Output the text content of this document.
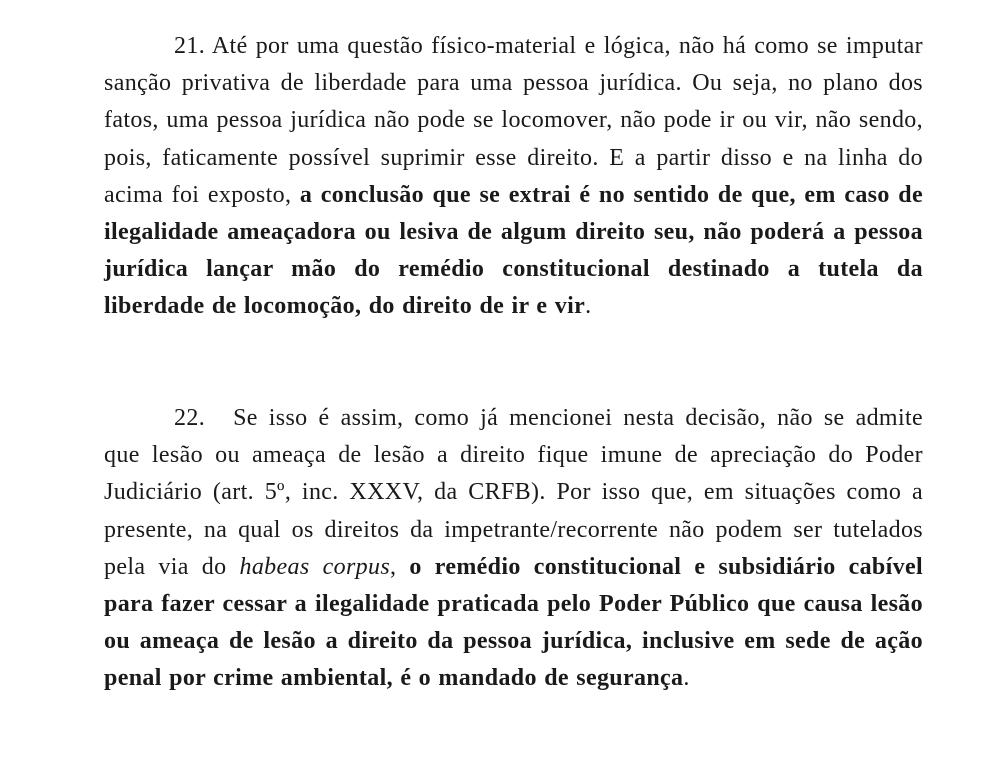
21. Até por uma questão físico-material e lógica, não há como se imputar sanção privativa de liberdade para uma pessoa jurídica. Ou seja, no plano dos fatos, uma pessoa jurídica não pode se locomover, não pode ir ou vir, não sendo, pois, faticamente possível suprimir esse direito. E a partir disso e na linha do acima foi exposto, a conclusão que se extrai é no sentido de que, em caso de ilegalidade ameaçadora ou lesiva de algum direito seu, não poderá a pessoa jurídica lançar mão do remédio constitucional destinado a tutela da liberdade de locomoção, do direito de ir e vir.

22. Se isso é assim, como já mencionei nesta decisão, não se admite que lesão ou ameaça de lesão a direito fique imune de apreciação do Poder Judiciário (art. 5º, inc. XXXV, da CRFB). Por isso que, em situações como a presente, na qual os direitos da impetrante/recorrente não podem ser tutelados pela via do habeas corpus, o remédio constitucional e subsidiário cabível para fazer cessar a ilegalidade praticada pelo Poder Público que causa lesão ou ameaça de lesão a direito da pessoa jurídica, inclusive em sede de ação penal por crime ambiental, é o mandado de segurança.
